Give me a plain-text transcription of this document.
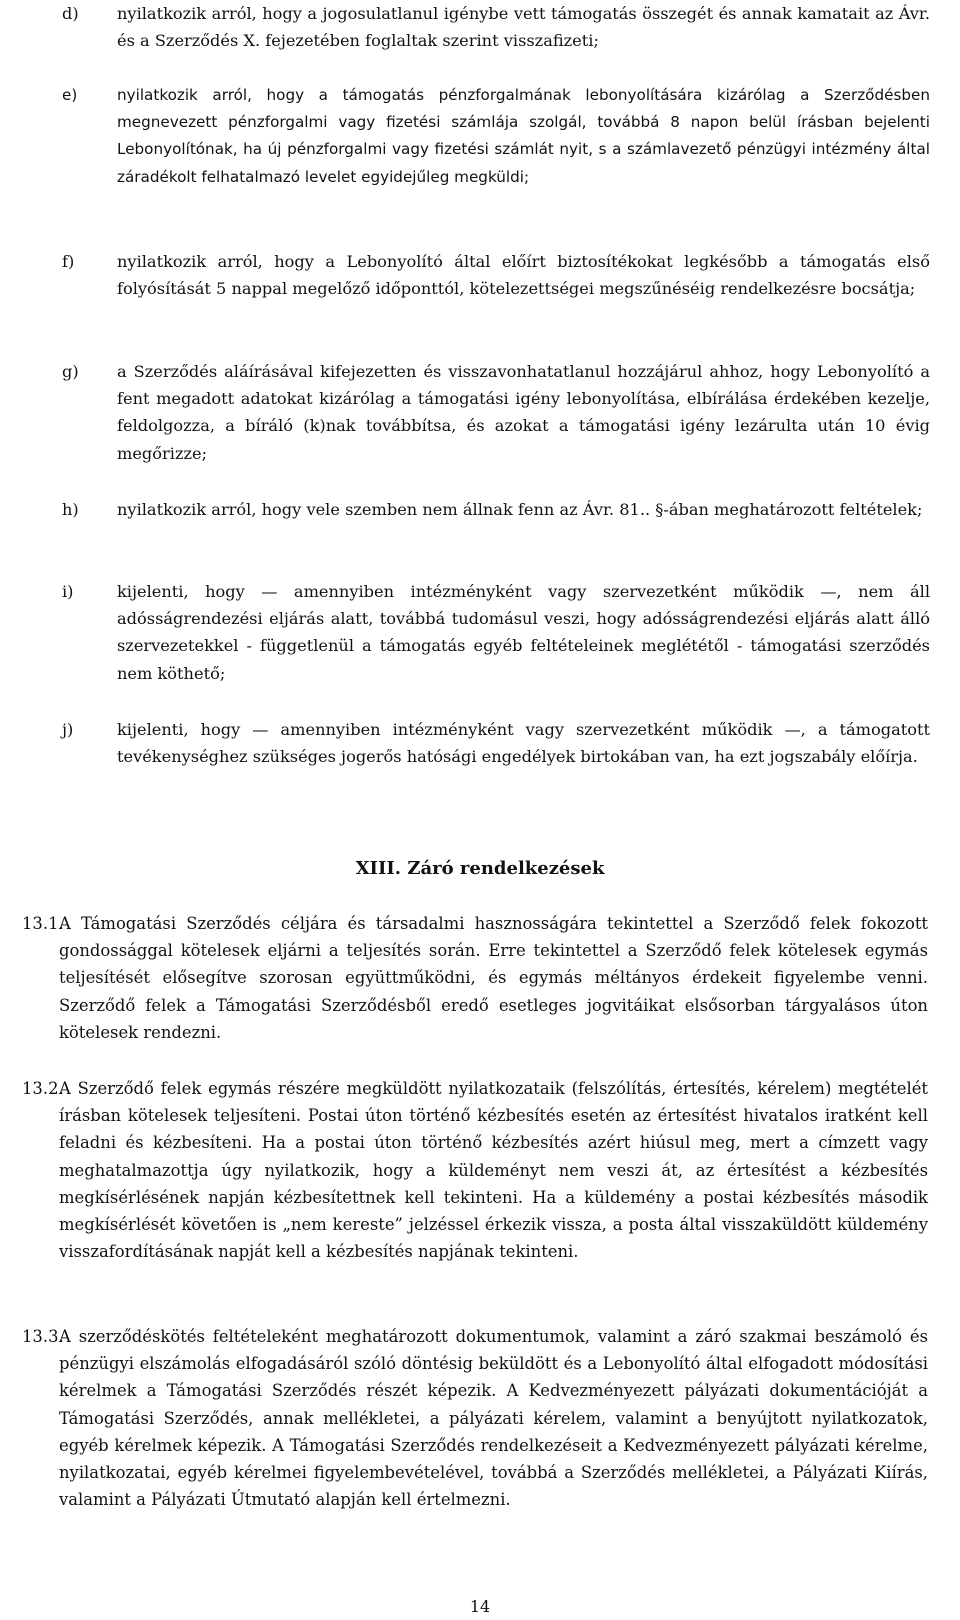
d)	nyilatkozik arról, hogy a jogosulatlanul igénybe vett támogatás összegét és annak kamatait az Ávr. és a Szerződés X. fejezetében foglaltak szerint visszafizeti;
e)	nyilatkozik arról, hogy a támogatás pénzforgalmának lebonyolítására kizárólag a Szerződésben megnevezett pénzforgalmi vagy fizetési számlája szolgál, továbbá 8 napon belül írásban bejelenti Lebonyolítónak, ha új pénzforgalmi vagy fizetési számlát nyit, s a számlavezető pénzügyi intézmény által záradékolt felhatalmazó levelet egyidejűleg megküldi;
f)	nyilatkozik arról, hogy a Lebonyolító által előírt biztosítékokat legkésőbb a támogatás első folyósítását 5 nappal megelőző időponttól, kötelezettségei megszűnéséig rendelkezésre bocsátja;
g)	a Szerződés aláírásával kifejezetten és visszavonhatatlanul hozzájárul ahhoz, hogy Lebonyolító a fent megadott adatokat kizárólag a támogatási igény lebonyolítása, elbírálása érdekében kezelje, feldolgozza, a bíráló (k)nak továbbítsa, és azokat a támogatási igény lezárulta után 10 évig megőrizze;
h)	nyilatkozik arról, hogy vele szemben nem állnak fenn az Ávr. 81.. §-ában meghatározott feltételek;
i)	kijelenti, hogy — amennyiben intézményként vagy szervezetként működik —, nem áll adósságrendezési eljárás alatt, továbbá tudomásul veszi, hogy adósságrendezési eljárás alatt álló szervezetekkel - függetlenül a támogatás egyéb feltételeinek meglététől - támogatási szerződés nem köthető;
j)	kijelenti, hogy — amennyiben intézményként vagy szervezetként működik —, a támogatott tevékenységhez szükséges jogerős hatósági engedélyek birtokában van, ha ezt jogszabály előírja.
XIII. Záró rendelkezések
13.1.
A Támogatási Szerződés céljára és társadalmi hasznosságára tekintettel a Szerződő felek fokozott gondossággal kötelesek eljárni a teljesítés során. Erre tekintettel a Szerződő felek kötelesek egymás teljesítését elősegítve szorosan együttműködni, és egymás méltányos érdekeit figyelembe venni. Szerződő felek a Támogatási Szerződésből eredő esetleges jogvitáikat elsősorban tárgyalásos úton kötelesek rendezni.
13.2.
A Szerződő felek egymás részére megküldött nyilatkozataik (felszólítás, értesítés, kérelem) megtételét írásban kötelesek teljesíteni. Postai úton történő kézbesítés esetén az értesítést hivatalos iratként kell feladni és kézbesíteni. Ha a postai úton történő kézbesítés azért hiúsul meg, mert a címzett vagy meghatalmazottja úgy nyilatkozik, hogy a küldeményt nem veszi át, az értesítést a kézbesítés megkísérlésének napján kézbesítettnek kell tekinteni. Ha a küldemény a postai kézbesítés második megkísérlését követően is „nem kereste” jelzéssel érkezik vissza, a posta által visszaküldött küldemény visszafordításának napját kell a kézbesítés napjának tekinteni.
13.3.
A szerződéskötés feltételeként meghatározott dokumentumok, valamint a záró szakmai beszámoló és pénzügyi elszámolás elfogadásáról szóló döntésig beküldött és a Lebonyolító által elfogadott módosítási kérelmek a Támogatási Szerződés részét képezik. A Kedvezményezett pályázati dokumentációját a Támogatási Szerződés, annak mellékletei, a pályázati kérelem, valamint a benyújtott nyilatkozatok, egyéb kérelmek képezik. A Támogatási Szerződés rendelkezéseit a Kedvezményezett pályázati kérelme, nyilatkozatai, egyéb kérelmei figyelembevételével, továbbá a Szerződés mellékletei, a Pályázati Kiírás, valamint a Pályázati Útmutató alapján kell értelmezni.
14
